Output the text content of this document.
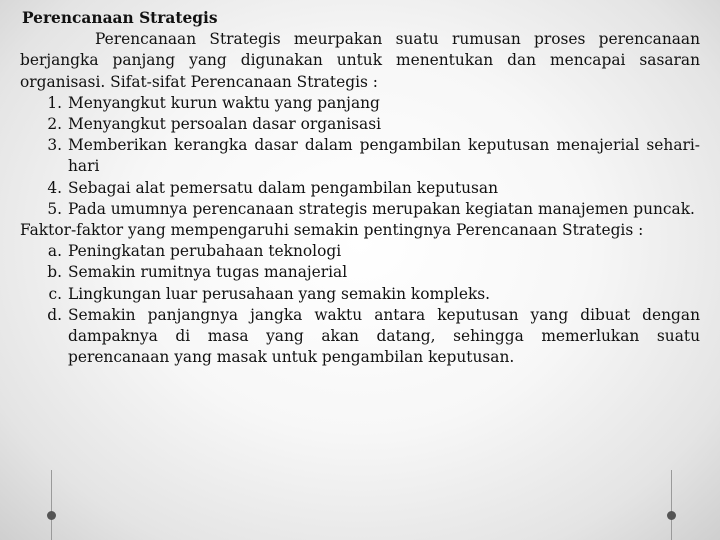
Perencanaan Strategis
Perencanaan Strategis meurpakan suatu rumusan proses perencanaan berjangka panjang yang digunakan untuk menentukan dan mencapai sasaran organisasi. Sifat-sifat Perencanaan Strategis :
1. Menyangkut kurun waktu yang panjang
2. Menyangkut persoalan dasar organisasi
3. Memberikan kerangka dasar dalam pengambilan keputusan menajerial sehari-hari
4. Sebagai alat pemersatu dalam pengambilan keputusan
5. Pada umumnya perencanaan strategis merupakan kegiatan manajemen puncak.
Faktor-faktor yang mempengaruhi semakin pentingnya Perencanaan Strategis :
a. Peningkatan perubahaan teknologi
b. Semakin rumitnya tugas manajerial
c. Lingkungan luar perusahaan yang semakin kompleks.
d. Semakin panjangnya jangka waktu antara keputusan yang dibuat dengan dampaknya di masa yang akan datang, sehingga memerlukan suatu perencanaan yang masak untuk pengambilan keputusan.
